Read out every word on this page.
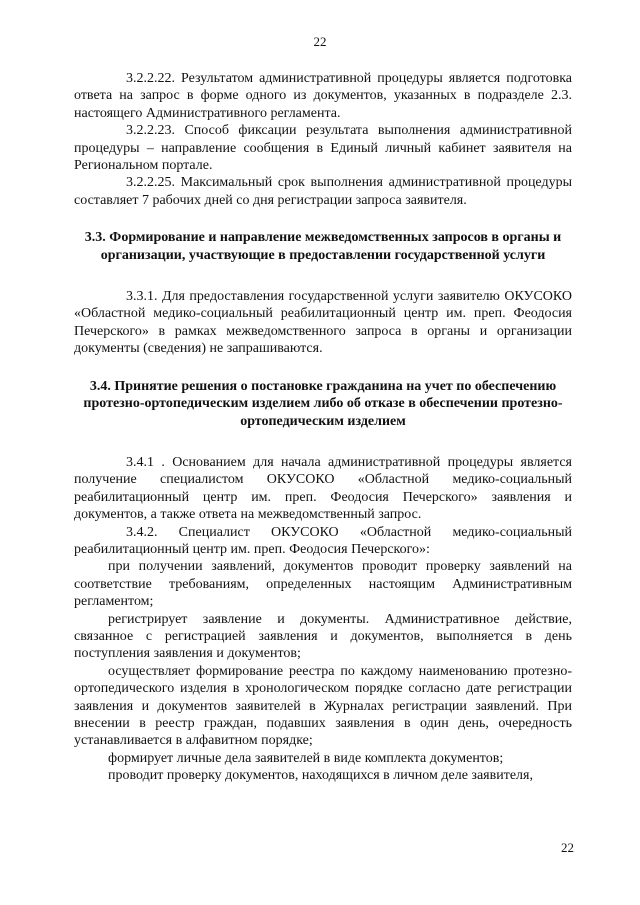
22

3.2.2.22. Результатом административной процедуры является подготовка ответа на запрос в форме одного из документов, указанных в подразделе 2.3. настоящего Административного регламента.

3.2.2.23. Способ фиксации результата выполнения административной процедуры – направление сообщения в Единый личный кабинет заявителя на Региональном портале.

3.2.2.25. Максимальный срок выполнения административной процедуры составляет 7 рабочих дней со дня регистрации запроса заявителя.

3.3. Формирование и направление межведомственных запросов в органы и организации, участвующие в предоставлении государственной услуги

3.3.1. Для предоставления государственной услуги заявителю ОКУСОКО «Областной медико-социальный реабилитационный центр им. преп. Феодосия Печерского» в рамках межведомственного запроса в органы и организации документы (сведения) не запрашиваются.

3.4. Принятие решения о постановке гражданина на учет по обеспечению протезно-ортопедическим изделием либо об отказе в обеспечении протезно-ортопедическим изделием

3.4.1 . Основанием для начала административной процедуры является получение специалистом ОКУСОКО «Областной медико-социальный реабилитационный центр им. преп. Феодосия Печерского» заявления и документов, а также ответа на межведомственный запрос.

3.4.2. Специалист ОКУСОКО «Областной медико-социальный реабилитационный центр им. преп. Феодосия Печерского»:

при получении заявлений, документов проводит проверку заявлений на соответствие требованиям, определенных настоящим Административным регламентом;

регистрирует заявление и документы. Административное действие, связанное с регистрацией заявления и документов, выполняется в день поступления заявления и документов;

осуществляет формирование реестра по каждому наименованию протезно-ортопедического изделия в хронологическом порядке согласно дате регистрации заявления и документов заявителей в Журналах регистрации заявлений. При внесении в реестр граждан, подавших заявления в один день, очередность устанавливается в алфавитном порядке;

формирует личные дела заявителей в виде комплекта документов;

проводит проверку документов, находящихся в личном деле заявителя,

22
